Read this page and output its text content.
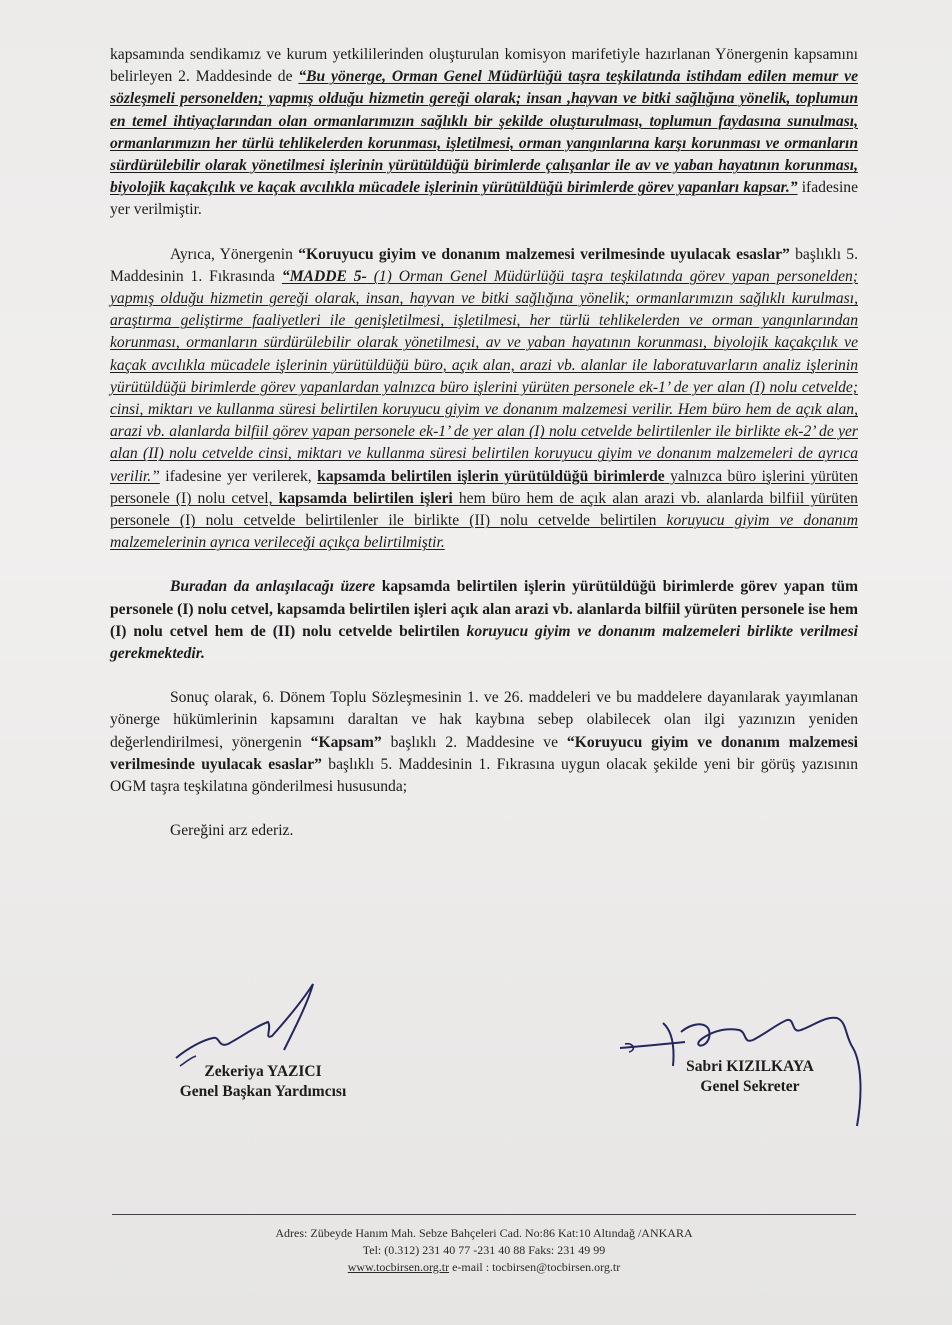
kapsamında sendikamız ve kurum yetkililerinden oluşturulan komisyon marifetiyle hazırlanan Yönergenin kapsamını belirleyen 2. Maddesinde de “Bu yönerge, Orman Genel Müdürlüğü taşra teşkilatında istihdam edilen memur ve sözleşmeli personelden; yapmış olduğu hizmetin gereği olarak; insan ,hayvan ve bitki sağlığına yönelik, toplumun en temel ihtiyaçlarından olan ormanlarımızın sağlıklı bir şekilde oluşturulması, toplumun faydasına sunulması, ormanlarımızın her türlü tehlikelerden korunması, işletilmesi, orman yangınlarına karşı korunması ve ormanların sürdürülebilir olarak yönetilmesi işlerinin yürütüldüğü birimlerde çalışanlar ile av ve yaban hayatının korunması, biyolojik kaçakçılık ve kaçak avcılıkla mücadele işlerinin yürütüldüğü birimlerde görev yapanları kapsar.” ifadesine yer verilmiştir.

Ayrıca, Yönergenin “Koruyucu giyim ve donanım malzemesi verilmesinde uyulacak esaslar” başlıklı 5. Maddesinin 1. Fıkrasında “MADDE 5- (1) Orman Genel Müdürlüğü taşra teşkilatında görev yapan personelden; yapmış olduğu hizmetin gereği olarak, insan, hayvan ve bitki sağlığına yönelik; ormanlarımızın sağlıklı kurulması, araştırma geliştirme faaliyetleri ile genişletilmesi, işletilmesi, her türlü tehlikelerden ve orman yangınlarından korunması, ormanların sürdürülebilir olarak yönetilmesi, av ve yaban hayatının korunması, biyolojik kaçakçılık ve kaçak avcılıkla mücadele işlerinin yürütüldüğü büro, açık alan, arazi vb. alanlar ile laboratuvarların analiz işlerinin yürütüldüğü birimlerde görev yapanlardan yalnızca büro işlerini yürüten personele ek-1’ de yer alan (I) nolu cetvelde; cinsi, miktarı ve kullanma süresi belirtilen koruyucu giyim ve donanım malzemesi verilir. Hem büro hem de açık alan, arazi vb. alanlarda bilfiil görev yapan personele ek-1’ de yer alan (I) nolu cetvelde belirtilenler ile birlikte ek-2’ de yer alan (II) nolu cetvelde cinsi, miktarı ve kullanma süresi belirtilen koruyucu giyim ve donanım malzemeleri de ayrıca verilir.” ifadesine yer verilerek, kapsamda belirtilen işlerin yürütüldüğü birimlerde yalnızca büro işlerini yürüten personele (I) nolu cetvel, kapsamda belirtilen işleri hem büro hem de açık alan arazi vb. alanlarda bilfiil yürüten personele (I) nolu cetvelde belirtilenler ile birlikte (II) nolu cetvelde belirtilen koruyucu giyim ve donanım malzemelerinin ayrıca verileceği açıkça belirtilmiştir.

Buradan da anlaşılacağı üzere kapsamda belirtilen işlerin yürütüldüğü birimlerde görev yapan tüm personele (I) nolu cetvel, kapsamda belirtilen işleri açık alan arazi vb. alanlarda bilfiil yürüten personele ise hem (I) nolu cetvel hem de (II) nolu cetvelde belirtilen koruyucu giyim ve donanım malzemeleri birlikte verilmesi gerekmektedir.

Sonuç olarak, 6. Dönem Toplu Sözleşmesinin 1. ve 26. maddeleri ve bu maddelere dayanılarak yayımlanan yönerge hükümlerinin kapsamını daraltan ve hak kaybına sebep olabilecek olan ilgi yazınızın yeniden değerlendirilmesi, yönergenin “Kapsam” başlıklı 2. Maddesine ve “Koruyucu giyim ve donanım malzemesi verilmesinde uyulacak esaslar” başlıklı 5. Maddesinin 1. Fıkrasına uygun olacak şekilde yeni bir görüş yazısının OGM taşra teşkilatına gönderilmesi hususunda;

Gereğini arz ederiz.

Zekeriya YAZICI
Genel Başkan Yardımcısı
Sabri KIZILKAYA
Genel Sekreter
Adres: Zübeyde Hanım Mah. Sebze Bahçeleri Cad. No:86 Kat:10 Altındağ /ANKARA
Tel: (0.312) 231 40 77 -231 40 88 Faks: 231 49 99
www.tocbirsen.org.tr e-mail : tocbirsen@tocbirsen.org.tr
